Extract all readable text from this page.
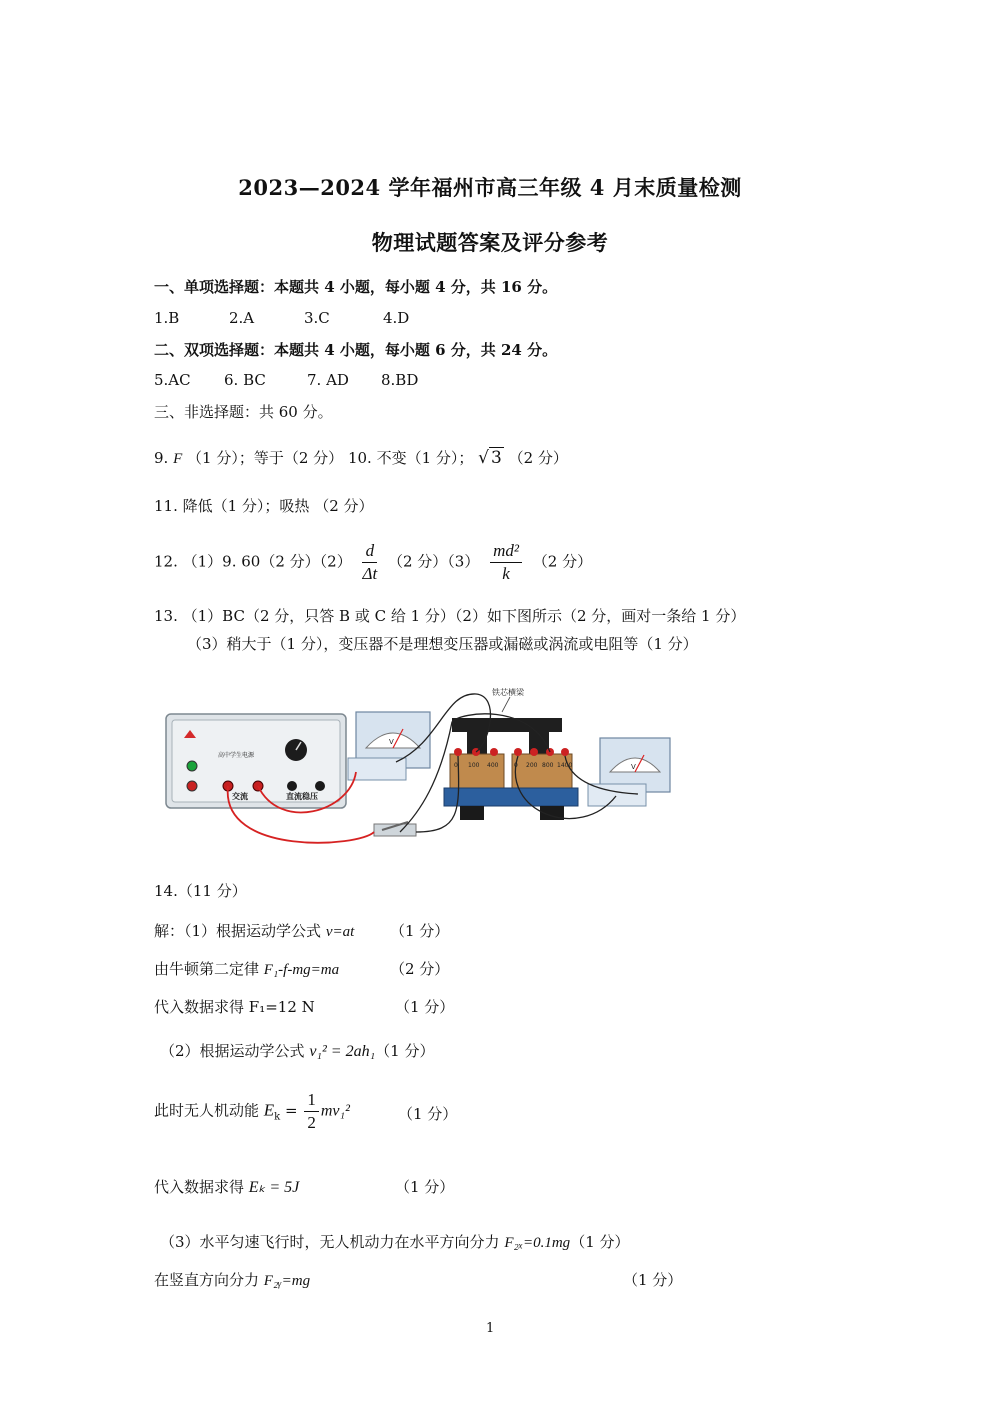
2023—2024 学年福州市高三年级 4 月末质量检测
物理试题答案及评分参考
一、单项选择题：本题共 4 小题，每小题 4 分，共 16 分。
1.B	2.A	3.C	4.D
二、双项选择题：本题共 4 小题，每小题 6 分，共 24 分。
5.AC 6. BC	7. AD 8.BD
三、非选择题：共 60 分。
9. F （1 分）；等于（2 分） 10. 不变（1 分）； √ 3 （2 分）
11. 降低（1 分）；吸热 （2 分）
12. （1）9. 60（2 分）$(2) \frac{d}{\Delta t} (2$ 分）$(3) \frac{\text{md²}}{k} (2$ 分）
13. （1）BC（2 分，只答 B 或 C 给 1 分）（2）如下图所示（2 分，画对一条给 1 分）
（3）稍大于（1 分），变压器不是理想变压器或漏磁或涡流或电阻等（1 分）
高中学生电源
交流	直流稳压
V
铁芯横梁
0 100 400	0 200 800 1400	V
14.（11 分）
解：（1）根据运动学公式 v=at （1 分）
由牛顿第二定律 F₁-f-mg=ma	（2 分）
代入数据求得 F₁=12 N	（1 分）
（2）根据运动学公式 v₁² = 2ah₁（1 分）
此时无人机动能 $E_k = \frac{1}{2} mv_1^2$	（1 分）
代入数据求得 Eₖ = 5J	（1 分）
（3）水平匀速飞行时，无人机动力在水平方向分力 F₂ₓ=0.1mg（1 分）
在竖直方向分力 F₂ᵧ=mg	（1 分）
1
